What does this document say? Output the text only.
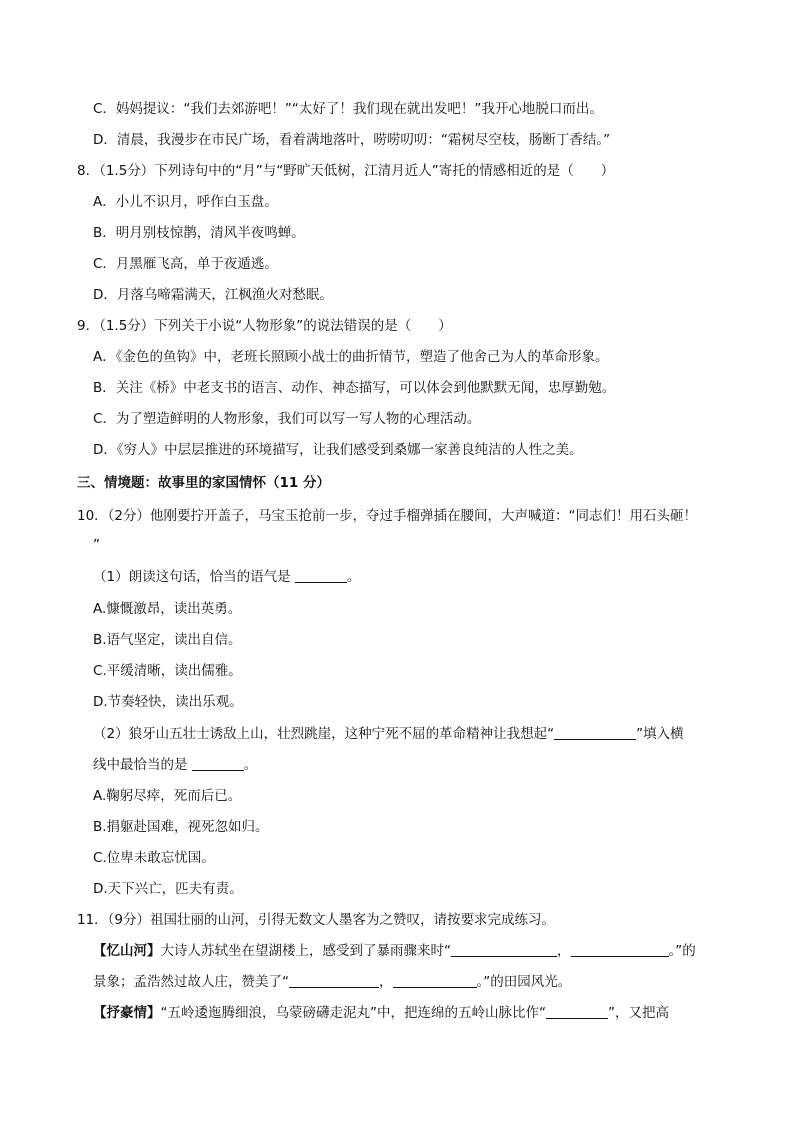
C．妈妈提议：“我们去郊游吧！”“太好了！我们现在就出发吧！”我开心地脱口而出。
D．清晨，我漫步在市民广场，看着满地落叶，唠唠叨叨：“霜树尽空枝，肠断丁香结。”
8．（1.5分）下列诗句中的“月”与“野旷天低树，江清月近人”寄托的情感相近的是（　　）
A．小儿不识月，呼作白玉盘。
B．明月别枝惊鹊，清风半夜鸣蝉。
C．月黑雁飞高，单于夜遁逃。
D．月落乌啼霜满天，江枫渔火对愁眠。
9．（1.5分）下列关于小说“人物形象”的说法错误的是（　　）
A．《金色的鱼钩》中，老班长照顾小战士的曲折情节，塑造了他舍己为人的革命形象。
B．关注《桥》中老支书的语言、动作、神态描写，可以体会到他默默无闻，忠厚勤勉。
C．为了塑造鲜明的人物形象，我们可以写一写人物的心理活动。
D．《穷人》中层层推进的环境描写，让我们感受到桑娜一家善良纯洁的人性之美。
三、情境题：故事里的家国情怀（11 分）
10．（2分）他刚要拧开盖子，马宝玉抢前一步，夺过手榴弹插在腰间，大声喊道：“同志们！用石头砸！
”
（1）朗读这句话，恰当的语气是	。
A.慷慨激昂，读出英勇。
B.语气坚定，读出自信。
C.平缓清晰，读出儒雅。
D.节奏轻快，读出乐观。
（2）狼牙山五壮士诱敌上山，壮烈跳崖，这种宁死不屈的革命精神让我想起“	”填入横
线中最恰当的是	。
A.鞠躬尽瘁，死而后已。
B.捐躯赴国难，视死忽如归。
C.位卑未敢忘忧国。
D.天下兴亡，匹夫有责。
11．（9分）祖国壮丽的山河，引得无数文人墨客为之赞叹，请按要求完成练习。
【忆山河】大诗人苏轼坐在望湖楼上，感受到了暴雨骤来时“	，	。”的
景象；孟浩然过故人庄，赞美了“	，	。”的田园风光。
【抒豪情】“五岭逶迤腾细浪，乌蒙磅礴走泥丸”中，把连绵的五岭山脉比作“	”，又把高
